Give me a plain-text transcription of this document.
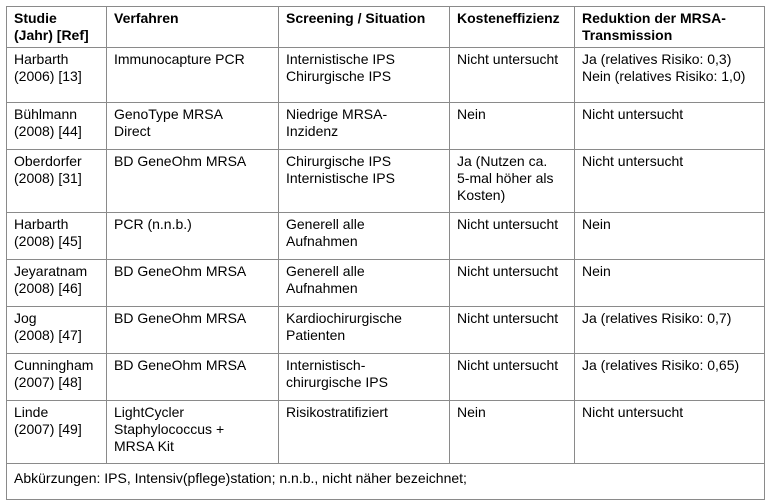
Studie
(Jahr) [Ref]	Verfahren	Screening / Situation	Kosteneffizienz	Reduktion der MRSA-
Transmission

Harbarth
(2006) [13]	Immunocapture PCR	Internistische IPS
Chirurgische IPS	Nicht untersucht	Ja (relatives Risiko: 0,3)
Nein (relatives Risiko: 1,0)

Bühlmann
(2008) [44]	GenoType MRSA
Direct	Niedrige MRSA-
Inzidenz	Nein	Nicht untersucht

Oberdorfer
(2008) [31]	BD GeneOhm MRSA	Chirurgische IPS
Internistische IPS	Ja (Nutzen ca.
5-mal höher als
Kosten)	Nicht untersucht

Harbarth
(2008) [45]	PCR (n.n.b.)	Generell alle
Aufnahmen	Nicht untersucht	Nein

Jeyaratnam
(2008) [46]	BD GeneOhm MRSA	Generell alle
Aufnahmen	Nicht untersucht	Nein

Jog
(2008) [47]	BD GeneOhm MRSA	Kardiochirurgische
Patienten	Nicht untersucht	Ja (relatives Risiko: 0,7)

Cunningham
(2007) [48]	BD GeneOhm MRSA	Internistisch-
chirurgische IPS	Nicht untersucht	Ja (relatives Risiko: 0,65)

Linde
(2007) [49]	LightCycler
Staphylococcus +
MRSA Kit	Risikostratifiziert	Nein	Nicht untersucht

Abkürzungen: IPS, Intensiv(pflege)station; n.n.b., nicht näher bezeichnet;				
